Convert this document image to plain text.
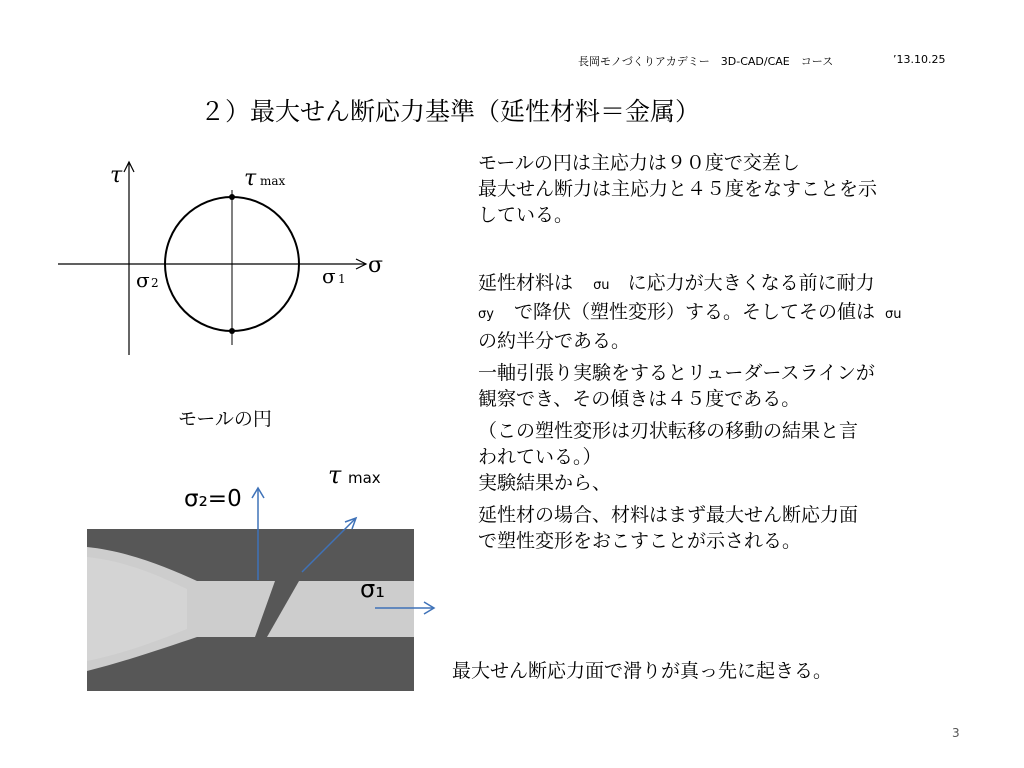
長岡モノづくりアカデミー　3D-CAD/CAE　コース	’13.10.25
２）最大せん断応力基準（延性材料＝金属）
τ
σ
τ max
σ 2	σ 1
モールの円
τ max
σ₂=0
σ₁
モールの円は主応力は９０度で交差し
最大せん断力は主応力と４５度をなすことを示
している。
延性材料は σu に応力が大きくなる前に耐力
σy で降伏（塑性変形）する。そしてその値は σu
の約半分である。
一軸引張り実験をするとリューダースラインが
観察でき、その傾きは４５度である。
（この塑性変形は刃状転移の移動の結果と言
われている。）
実験結果から、
延性材の場合、材料はまず最大せん断応力面
で塑性変形をおこすことが示される。
最大せん断応力面で滑りが真っ先に起きる。
3
